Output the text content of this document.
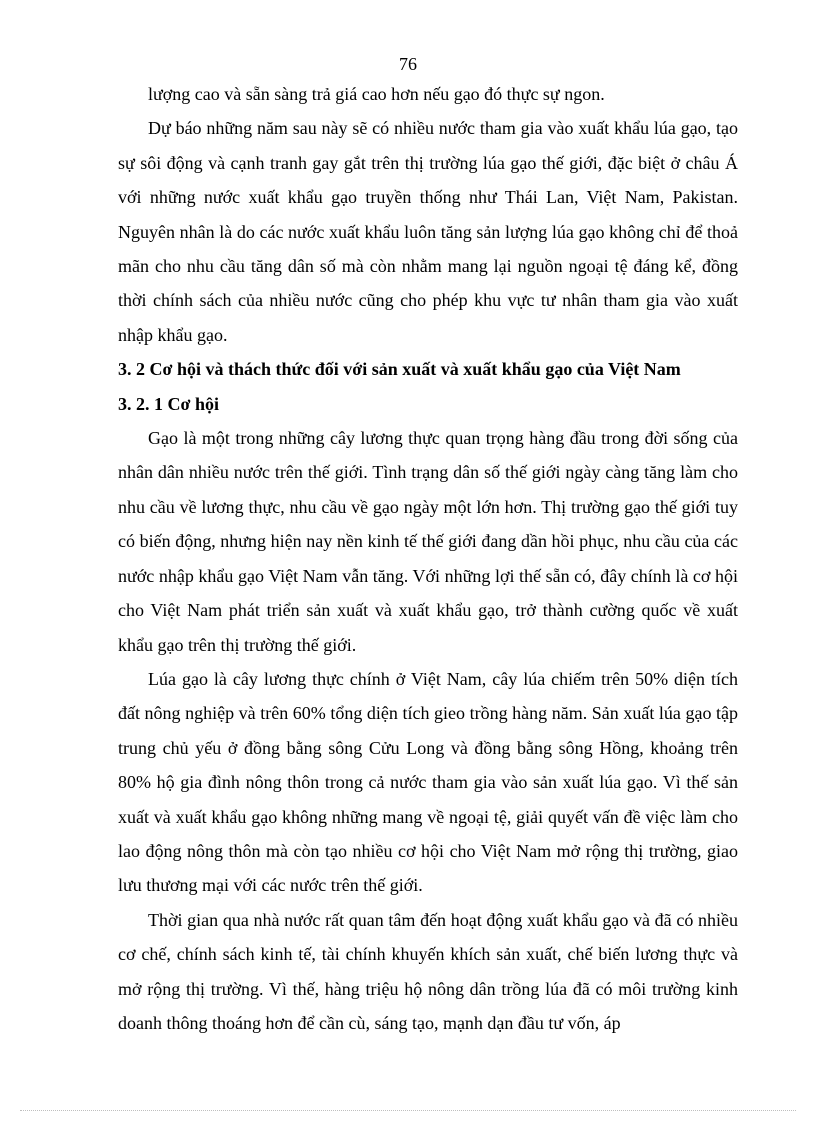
76

lượng cao và sẵn sàng trả giá cao hơn nếu gạo đó thực sự ngon.

Dự báo những năm sau này sẽ có nhiều nước tham gia vào xuất khẩu lúa gạo, tạo sự sôi động và cạnh tranh gay gắt trên thị trường lúa gạo thế giới, đặc biệt ở châu Á với những nước xuất khẩu gạo truyền thống như Thái Lan, Việt Nam, Pakistan. Nguyên nhân là do các nước xuất khẩu luôn tăng sản lượng lúa gạo không chỉ để thoả mãn cho nhu cầu tăng dân số mà còn nhằm mang lại nguồn ngoại tệ đáng kể, đồng thời chính sách của nhiều nước cũng cho phép khu vực tư nhân tham gia vào xuất nhập khẩu gạo.

3. 2 Cơ hội và thách thức đối với sản xuất và xuất khẩu gạo của Việt Nam

3. 2. 1 Cơ hội

Gạo là một trong những cây lương thực quan trọng hàng đầu trong đời sống của nhân dân nhiều nước trên thế giới. Tình trạng dân số thế giới ngày càng tăng làm cho nhu cầu về lương thực, nhu cầu về gạo ngày một lớn hơn. Thị trường gạo thế giới tuy có biến động, nhưng hiện nay nền kinh tế thế giới đang dần hồi phục, nhu cầu của các nước nhập khẩu gạo Việt Nam vẫn tăng. Với những lợi thế sẵn có, đây chính là cơ hội cho Việt Nam phát triển sản xuất và xuất khẩu gạo, trở thành cường quốc về xuất khẩu gạo trên thị trường thế giới.

Lúa gạo là cây lương thực chính ở Việt Nam, cây lúa chiếm trên 50% diện tích đất nông nghiệp và trên 60% tổng diện tích gieo trồng hàng năm. Sản xuất lúa gạo tập trung chủ yếu ở đồng bằng sông Cửu Long và đồng bằng sông Hồng, khoảng trên 80% hộ gia đình nông thôn trong cả nước tham gia vào sản xuất lúa gạo. Vì thế sản xuất và xuất khẩu gạo không những mang về ngoại tệ, giải quyết vấn đề việc làm cho lao động nông thôn mà còn tạo nhiều cơ hội cho Việt Nam mở rộng thị trường, giao lưu thương mại với các nước trên thế giới.

Thời gian qua nhà nước rất quan tâm đến hoạt động xuất khẩu gạo và đã có nhiều cơ chế, chính sách kinh tế, tài chính khuyến khích sản xuất, chế biến lương thực và mở rộng thị trường. Vì thế, hàng triệu hộ nông dân trồng lúa đã có môi trường kinh doanh thông thoáng hơn để cần cù, sáng tạo, mạnh dạn đầu tư vốn, áp
